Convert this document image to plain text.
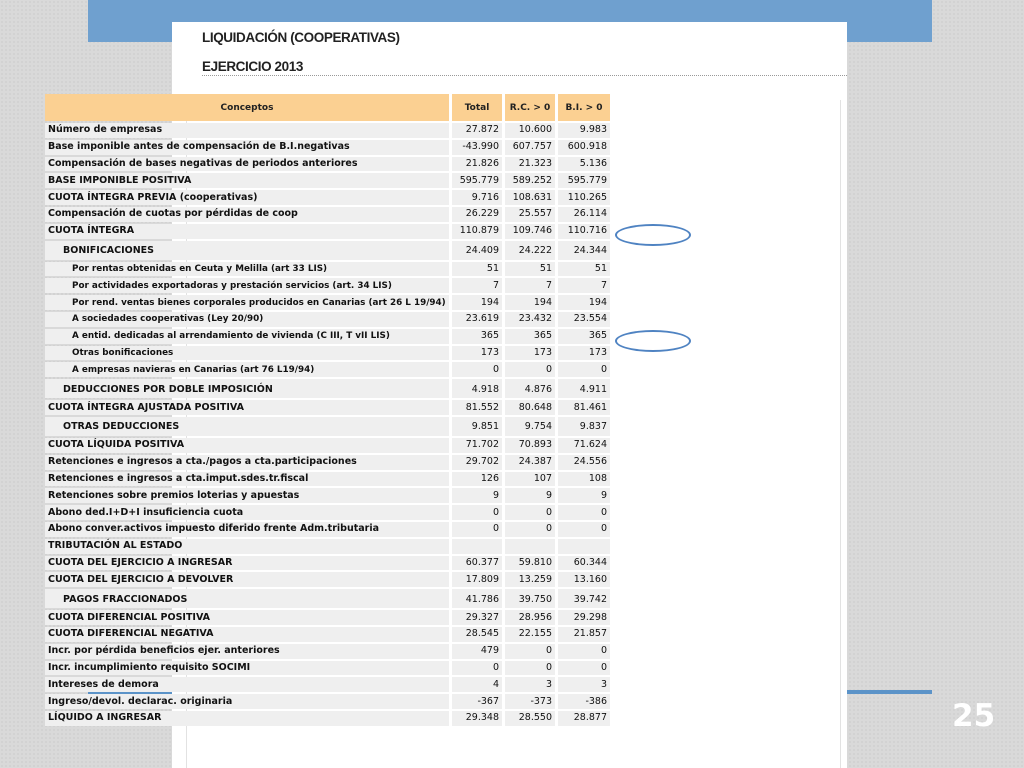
25
LIQUIDACIÓN (COOPERATIVAS)
EJERCICIO 2013
Conceptos	Total	R.C. > 0	B.I. > 0
Número de empresas	27.872	10.600	9.983
Base imponible antes de compensación de B.I.negativas	-43.990	607.757	600.918
Compensación de bases negativas de periodos anteriores	21.826	21.323	5.136
BASE IMPONIBLE POSITIVA	595.779	589.252	595.779
CUOTA ÍNTEGRA PREVIA (cooperativas)	9.716	108.631	110.265
Compensación de cuotas por pérdidas de coop	26.229	25.557	26.114
CUOTA ÍNTEGRA	110.879	109.746	110.716
BONIFICACIONES	24.409	24.222	24.344
Por rentas obtenidas en Ceuta y Melilla (art 33 LIS)	51	51	51
Por actividades exportadoras y prestación servicios (art. 34 LIS)	7	7	7
Por rend. ventas bienes corporales producidos en Canarias (art 26 L 19/94)	194	194	194
A sociedades cooperativas (Ley 20/90)	23.619	23.432	23.554
A entid. dedicadas al arrendamiento de vivienda (C III, T vII LIS)	365	365	365
Otras bonificaciones	173	173	173
A empresas navieras en Canarias (art 76 L19/94)	0	0	0
DEDUCCIONES POR DOBLE IMPOSICIÓN	4.918	4.876	4.911
CUOTA ÍNTEGRA AJUSTADA POSITIVA	81.552	80.648	81.461
OTRAS DEDUCCIONES	9.851	9.754	9.837
CUOTA LÍQUIDA POSITIVA	71.702	70.893	71.624
Retenciones e ingresos a cta./pagos a cta.participaciones	29.702	24.387	24.556
Retenciones e ingresos a cta.imput.sdes.tr.fiscal	126	107	108
Retenciones sobre premios loterias y apuestas	9	9	9
Abono ded.I+D+I insuficiencia cuota	0	0	0
Abono conver.activos impuesto diferido frente Adm.tributaria	0	0	0
TRIBUTACIÓN AL ESTADO			
CUOTA DEL EJERCICIO A INGRESAR	60.377	59.810	60.344
CUOTA DEL EJERCICIO A DEVOLVER	17.809	13.259	13.160
PAGOS FRACCIONADOS	41.786	39.750	39.742
CUOTA DIFERENCIAL POSITIVA	29.327	28.956	29.298
CUOTA DIFERENCIAL NEGATIVA	28.545	22.155	21.857
Incr. por pérdida beneficios ejer. anteriores	479	0	0
Incr. incumplimiento requisito SOCIMI	0	0	0
Intereses de demora	4	3	3
Ingreso/devol. declarac. originaria	-367	-373	-386
LÍQUIDO A INGRESAR	29.348	28.550	28.877
